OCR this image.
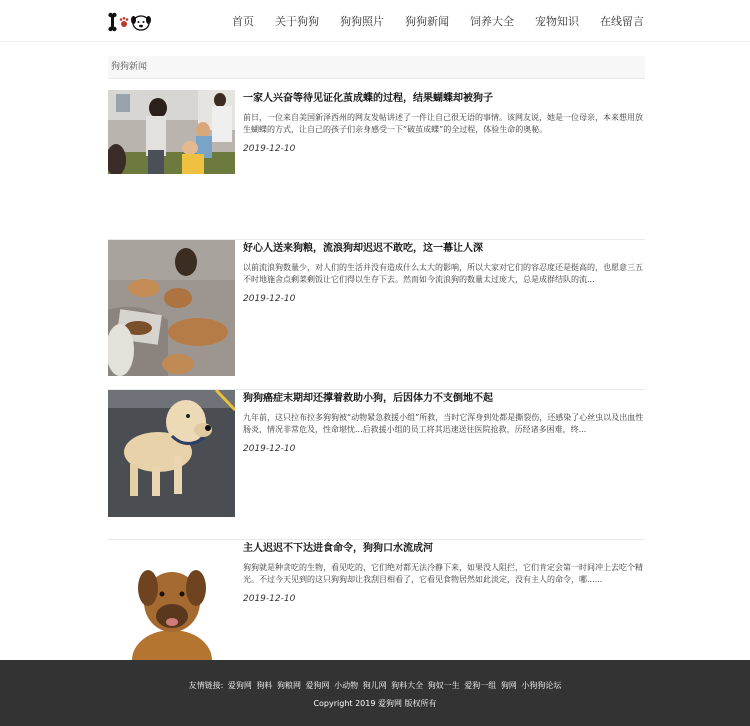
首页 关于狗狗 狗狗照片 狗狗新闻 饲养大全 宠物知识 在线留言
狗狗新闻
一家人兴奋等待见证化茧成蝶的过程，结果蝴蝶却被狗子
前日，一位来自美国新泽西州的网友发帖讲述了一件让自己很无语的事情。该网友说，她是一位母亲，本来想用放生蝴蝶的方式，让自己的孩子们亲身感受一下“破茧成蝶”的全过程，体验生命的奥秘。
2019-12-10
好心人送来狗粮，流浪狗却迟迟不敢吃，这一幕让人深
以前流浪狗数量少，对人们的生活并没有造成什么太大的影响，所以大家对它们的容忍度还是挺高的，也愿意三五不时地施舍点剩菜剩饭让它们得以生存下去。然而如今流浪狗的数量太过庞大，总是成群结队的流...
2019-12-10
狗狗癌症末期却还撑着救助小狗，后因体力不支倒地不起
九年前，这只拉布拉多狗狗被“动物紧急救援小组”所救，当时它浑身到处都是撕裂伤，还感染了心丝虫以及出血性肠炎，情况非常危及，性命堪忧...后救援小组的员工将其迅速送往医院抢救，历经诸多困难，终...
2019-12-10
主人迟迟不下达进食命令，狗狗口水流成河
狗狗就是种贪吃的生物，看见吃的，它们绝对都无法冷静下来，如果没人阻拦，它们肯定会第一时间冲上去吃个精光。不过今天见到的这只狗狗却让我刮目相看了，它看见食物居然如此淡定，没有主人的命令，哪......
2019-12-10
友情链接: 爱狗网 狗料 狗粮网 爱狗网 小动物 狗儿网 狗料大全 狗奴一生 爱狗一组 狗网 小狗狗论坛
Copyright 2019 爱狗网 版权所有
